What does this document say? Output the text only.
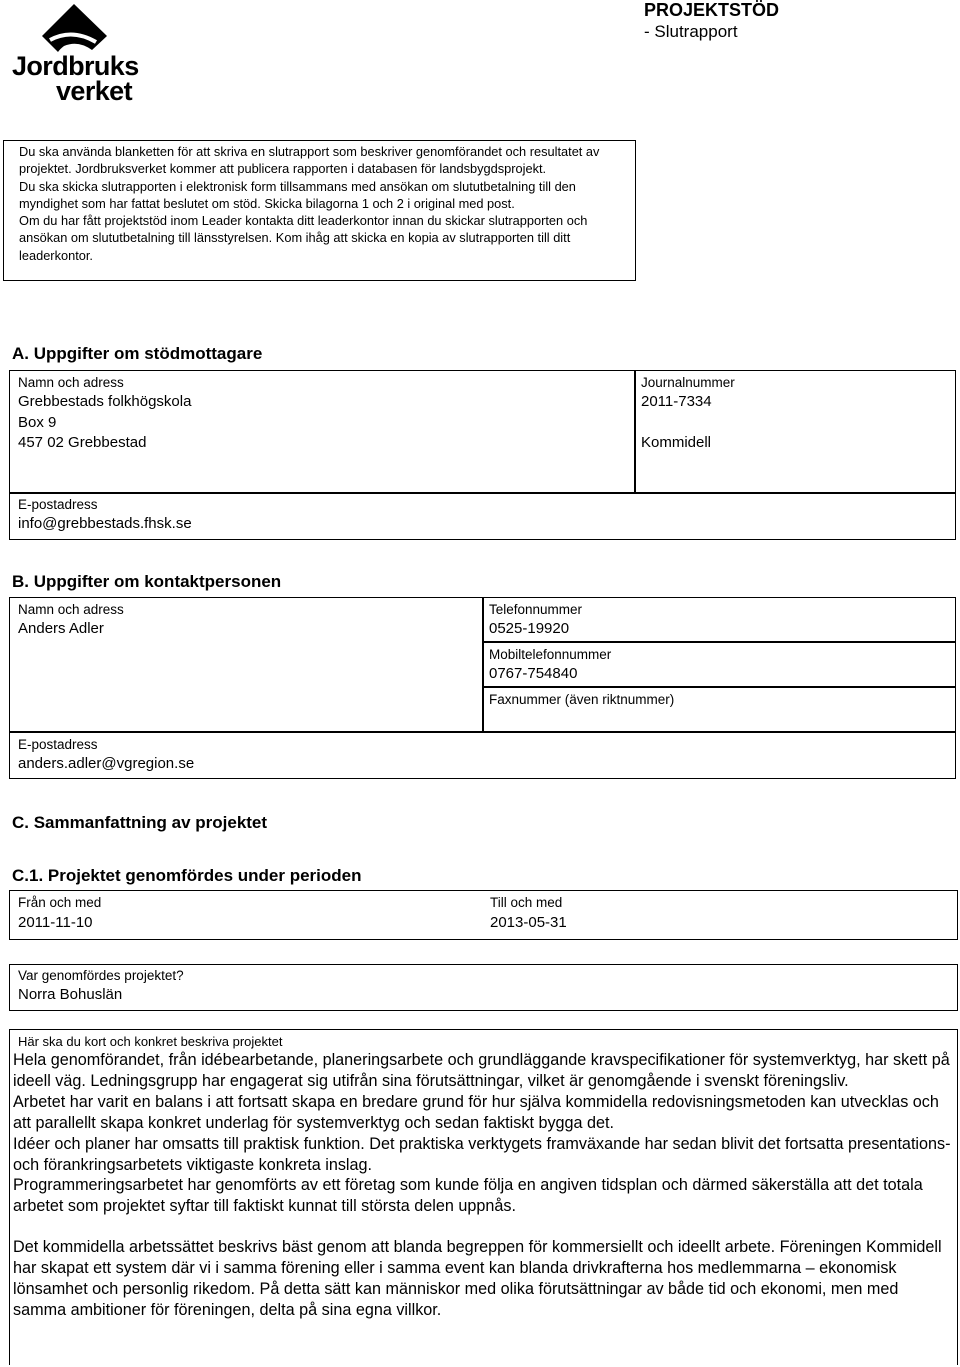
Jordbruks
verket
PROJEKTSTÖD
- Slutrapport

Du ska använda blanketten för att skriva en slutrapport som beskriver genomförandet och resultatet av projektet. Jordbruksverket kommer att publicera rapporten i databasen för landsbygdsprojekt.

Du ska skicka slutrapporten i elektronisk form tillsammans med ansökan om slututbetalning till den myndighet som har fattat beslutet om stöd. Skicka bilagorna 1 och 2 i original med post.

Om du har fått projektstöd inom Leader kontakta ditt leaderkontor innan du skickar slutrapporten och ansökan om slututbetalning till länsstyrelsen. Kom ihåg att skicka en kopia av slutrapporten till ditt leaderkontor.

A. Uppgifter om stödmottagare
Namn och adress
Grebbestads folkhögskola
Box 9
457 02 Grebbestad
Journalnummer
2011-7334
Kommidell
E-postadress
info@grebbestads.fhsk.se
B. Uppgifter om kontaktpersonen
Namn och adress
Anders Adler
Telefonnummer
0525-19920
Mobiltelefonnummer
0767-754840
Faxnummer (även riktnummer)
E-postadress
anders.adler@vgregion.se
C. Sammanfattning av projektet
C.1. Projektet genomfördes under perioden
Från och med
2011-11-10
Till och med
2013-05-31
Var genomfördes projektet?
Norra Bohuslän
Här ska du kort och konkret beskriva projektet

Hela genomförandet, från idébearbetande, planeringsarbete och grundläggande kravspecifikationer för systemverktyg, har skett på ideell väg. Ledningsgrupp har engagerat sig utifrån sina förutsättningar, vilket är genomgående i svenskt föreningsliv.

Arbetet har varit en balans i att fortsatt skapa en bredare grund för hur själva kommidella redovisningsmetoden kan utvecklas och att parallellt skapa konkret underlag för systemverktyg och sedan faktiskt bygga det.

Idéer och planer har omsatts till praktisk funktion. Det praktiska verktygets framväxande har sedan blivit det fortsatta presentations- och förankringsarbetets viktigaste konkreta inslag.

Programmeringsarbetet har genomförts av ett företag som kunde följa en angiven tidsplan och därmed säkerställa att det totala arbetet som projektet syftar till faktiskt kunnat till största delen uppnås.

Det kommidella arbetssättet beskrivs bäst genom att blanda begreppen för kommersiellt och ideellt arbete. Föreningen Kommidell har skapat ett system där vi i samma förening eller i samma event kan blanda drivkrafterna hos medlemmarna – ekonomisk lönsamhet och personlig rikedom. På detta sätt kan människor med olika förutsättningar av både tid och ekonomi, men med samma ambitioner för föreningen, delta på sina egna villkor.
